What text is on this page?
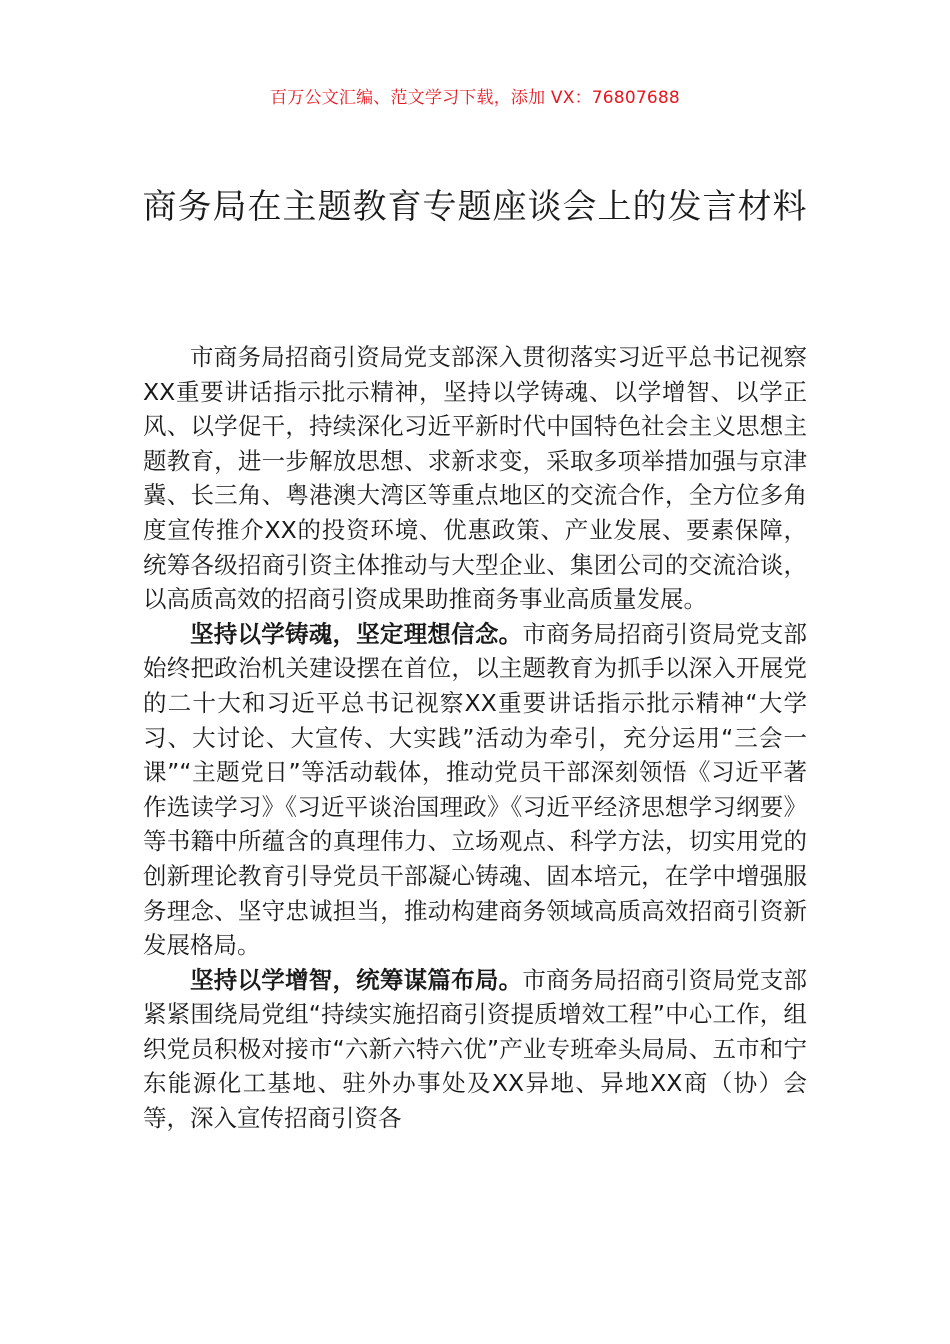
百万公文汇编、范文学习下载，添加 VX：76807688
商务局在主题教育专题座谈会上的发言材料

市商务局招商引资局党支部深入贯彻落实习近平总书记视察XX重要讲话指示批示精神，坚持以学铸魂、以学增智、以学正风、以学促干，持续深化习近平新时代中国特色社会主义思想主题教育，进一步解放思想、求新求变，采取多项举措加强与京津冀、长三角、粤港澳大湾区等重点地区的交流合作，全方位多角度宣传推介XX的投资环境、优惠政策、产业发展、要素保障，统筹各级招商引资主体推动与大型企业、集团公司的交流洽谈，以高质高效的招商引资成果助推商务事业高质量发展。

坚持以学铸魂，坚定理想信念。市商务局招商引资局党支部始终把政治机关建设摆在首位，以主题教育为抓手以深入开展党的二十大和习近平总书记视察XX重要讲话指示批示精神“大学习、大讨论、大宣传、大实践”活动为牵引，充分运用“三会一课”“主题党日”等活动载体，推动党员干部深刻领悟《习近平著作选读学习》《习近平谈治国理政》《习近平经济思想学习纲要》等书籍中所蕴含的真理伟力、立场观点、科学方法，切实用党的创新理论教育引导党员干部凝心铸魂、固本培元，在学中增强服务理念、坚守忠诚担当，推动构建商务领域高质高效招商引资新发展格局。

坚持以学增智，统筹谋篇布局。市商务局招商引资局党支部紧紧围绕局党组“持续实施招商引资提质增效工程”中心工作，组织党员积极对接市“六新六特六优”产业专班牵头局局、五市和宁东能源化工基地、驻外办事处及XX异地、异地XX商（协）会等，深入宣传招商引资各
